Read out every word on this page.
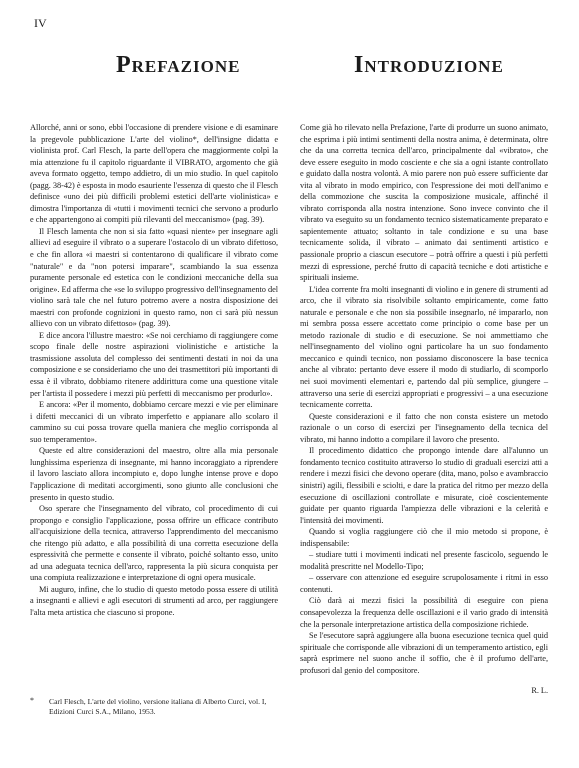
IV
Prefazione	Introduzione

Allorché, anni or sono, ebbi l'occasione di prendere visione e di esaminare la pregevole pubblicazione L'arte del violino*, dell'insigne didatta e violinista prof. Carl Flesch, la parte dell'opera che maggiormente colpì la mia attenzione fu il capitolo riguardante il VIBRATO, argomento che già aveva formato oggetto, tempo addietro, di un mio studio. In quel capitolo (pagg. 38-42) è esposta in modo esauriente l'essenza di questo che il Flesch definisce «uno dei più difficili problemi estetici dell'arte violinistica» e dimostra l'importanza di «tutti i movimenti tecnici che servono a produrlo e che appartengono ai compiti più rilevanti del meccanismo» (pag. 39).

Il Flesch lamenta che non si sia fatto «quasi niente» per insegnare agli allievi ad eseguire il vibrato o a superare l'ostacolo di un vibrato difettoso, e che fin allora «i maestri si contentarono di qualificare il vibrato come "naturale" e da "non potersi imparare", scambiando la sua essenza puramente personale ed estetica con le condizioni meccaniche della sua origine». Ed afferma che «se lo sviluppo progressivo dell'insegnamento del violino sarà tale che nel futuro potremo avere a nostra disposizione dei maestri con profonde cognizioni in questo ramo, non ci sarà più nessun allievo con un vibrato difettoso» (pag. 39).

E dice ancora l'illustre maestro: «Se noi cerchiamo di raggiungere come scopo finale delle nostre aspirazioni violinistiche e artistiche la trasmissione assoluta del complesso dei sentimenti destati in noi da una composizione e se consideriamo che uno dei trasmettitori più importanti di essa è il vibrato, dobbiamo ritenere addirittura come una questione vitale per l'artista il possedere i mezzi più perfetti di meccanismo per produrlo».

E ancora: «Per il momento, dobbiamo cercare mezzi e vie per eliminare i difetti meccanici di un vibrato imperfetto e appianare allo scolaro il cammino su cui possa trovare quella maniera che meglio corrisponda al suo temperamento».

Queste ed altre considerazioni del maestro, oltre alla mia personale lunghissima esperienza di insegnante, mi hanno incoraggiato a riprendere il lavoro lasciato allora incompiuto e, dopo lunghe intense prove e dopo l'applicazione di meditati accorgimenti, sono giunto alle conclusioni che presento in questo studio.

Oso sperare che l'insegnamento del vibrato, col procedimento di cui propongo e consiglio l'applicazione, possa offrire un efficace contributo all'acquisizione della tecnica, attraverso l'apprendimento del meccanismo che ritengo più adatto, e alla possibilità di una corretta esecuzione della espressività che permette e consente il vibrato, poiché soltanto esso, unito ad una adeguata tecnica dell'arco, rappresenta la più sicura conquista per una compiuta realizzazione e interpretazione di ogni opera musicale.

Mi auguro, infine, che lo studio di questo metodo possa essere di utilità a insegnanti e allievi e agli esecutori di strumenti ad arco, per raggiungere l'alta meta artistica che ciascuno si propone.

Come già ho rilevato nella Prefazione, l'arte di produrre un suono animato, che esprima i più intimi sentimenti della nostra anima, è determinata, oltre che da una corretta tecnica dell'arco, principalmente dal «vibrato», che deve essere eseguito in modo cosciente e che sia a ogni istante controllato e guidato dalla nostra volontà. A mio parere non può essere sufficiente dar vita al vibrato in modo empirico, con l'espressione dei moti dell'animo e della commozione che suscita la composizione musicale, affinché il vibrato corrisponda alla nostra intenzione. Sono invece convinto che il vibrato va eseguito su un fondamento tecnico sistematicamente preparato e sapientemente attuato; soltanto in tale condizione e su una base tecnicamente solida, il vibrato – animato dai sentimenti artistico e passionale proprio a ciascun esecutore – potrà offrire a questi i più perfetti mezzi di espressione, perché frutto di capacità tecniche e doti artistiche e spirituali insieme.

L'idea corrente fra molti insegnanti di violino e in genere di strumenti ad arco, che il vibrato sia risolvibile soltanto empiricamente, come fatto naturale e personale e che non sia possibile insegnarlo, né impararlo, non mi sembra possa essere accettato come principio o come base per un metodo razionale di studio e di esecuzione. Se noi ammettiamo che nell'insegnamento del violino ogni particolare ha un suo fondamento meccanico e quindi tecnico, non possiamo disconoscere la base tecnica anche al vibrato: pertanto deve essere il modo di studiarlo, di scomporlo nei suoi movimenti elementari e, partendo dal più semplice, giungere – attraverso una serie di esercizi appropriati e progressivi – a una esecuzione tecnicamente corretta.

Queste considerazioni e il fatto che non consta esistere un metodo razionale o un corso di esercizi per l'insegnamento della tecnica del vibrato, mi hanno indotto a compilare il lavoro che presento.

Il procedimento didattico che propongo intende dare all'alunno un fondamento tecnico costituito attraverso lo studio di graduali esercizi atti a rendere i mezzi fisici che devono operare (dita, mano, polso e avambraccio sinistri) agili, flessibili e sciolti, e dare la pratica del ritmo per mezzo della esecuzione di oscillazioni controllate e misurate, cioè coscientemente guidate per quanto riguarda l'ampiezza delle vibrazioni e la celerità e l'intensità dei movimenti.

Quando si voglia raggiungere ciò che il mio metodo si propone, è indispensabile:

– studiare tutti i movimenti indicati nel presente fascicolo, seguendo le modalità prescritte nel Modello-Tipo;

– osservare con attenzione ed eseguire scrupolosamente i ritmi in esso contenuti.

Ciò darà ai mezzi fisici la possibilità di eseguire con piena consapevolezza la frequenza delle oscillazioni e il vario grado di intensità che la personale interpretazione artistica della composizione richiede.

Se l'esecutore saprà aggiungere alla buona esecuzione tecnica quel quid spirituale che corrisponde alle vibrazioni di un temperamento artistico, egli saprà esprimere nel suono anche il soffio, che è il profumo dell'arte, profusori dal genio del compositore.

R. L.
*	Carl Flesch, L'arte del violino, versione italiana di Alberto Curci, vol. I, Edizioni Curci S.A., Milano, 1953.
